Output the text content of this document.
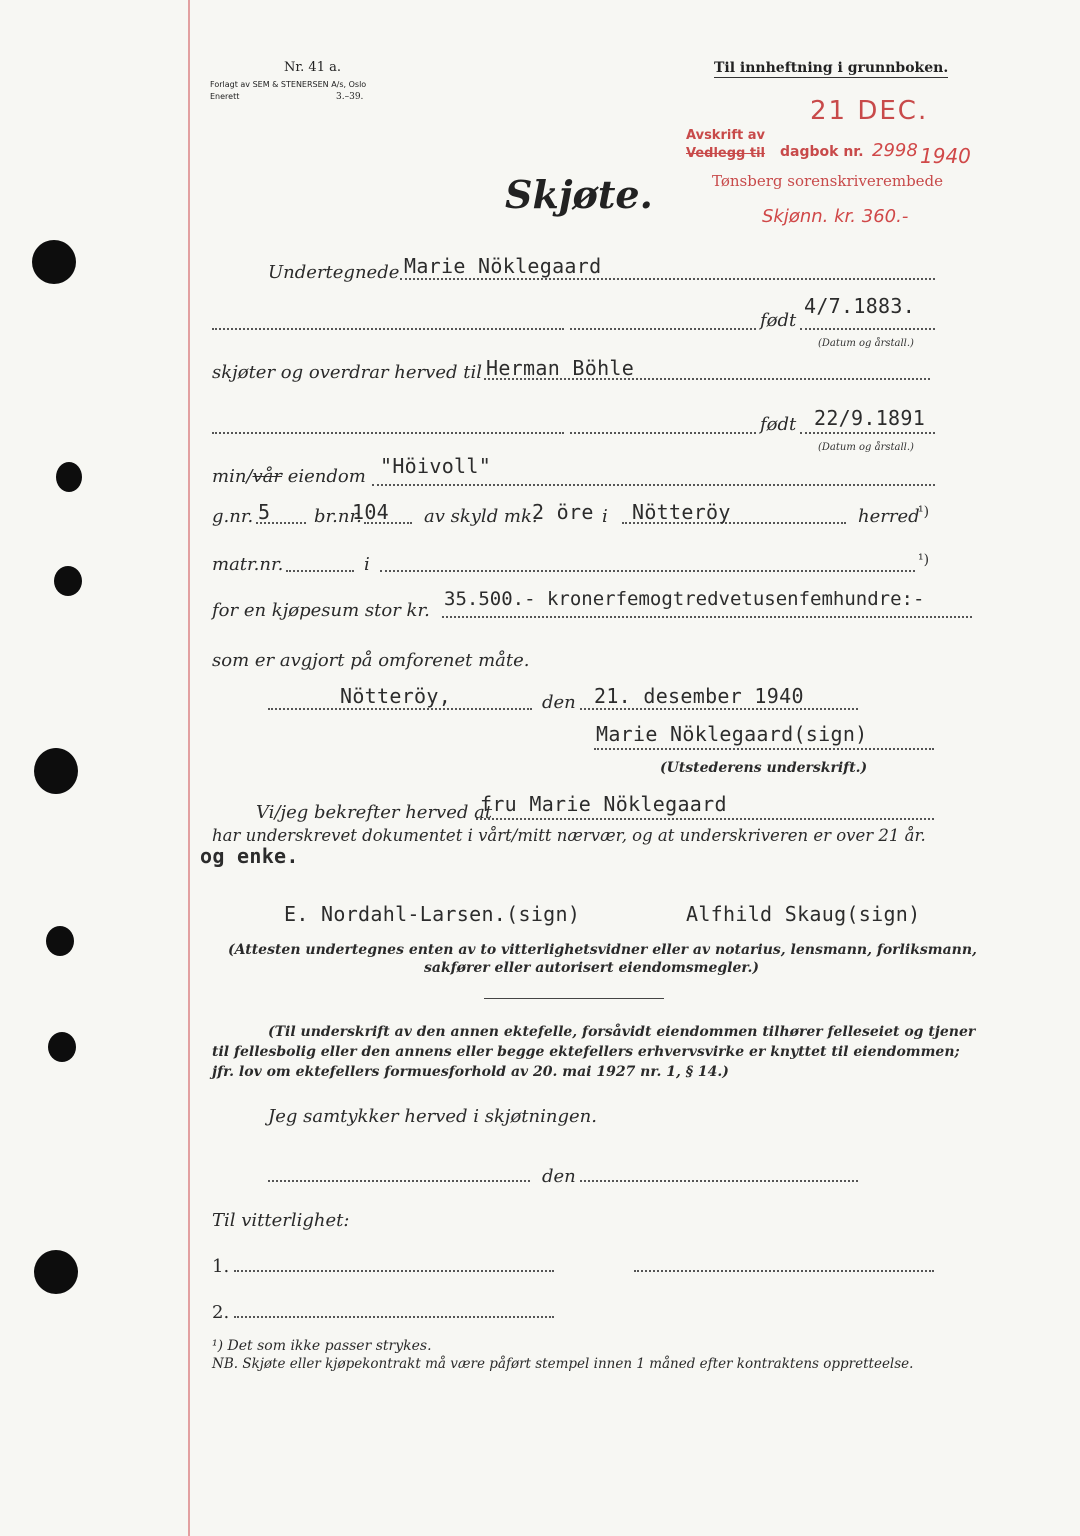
Nr. 41 a.
Forlagt av SEM & STENERSEN A/s, Oslo
Enerett	3.–39.
Til innheftning i grunnboken.
21 DEC.
Avskrift av
Vedlegg til dagbok nr. 2998 1940
Tønsberg sorenskriverembede
Skjønn. kr. 360.-
Skjøte.
Undertegnede Marie Nöklegaard
født
4/7.1883.
(Datum og årstall.)
skjøter og overdrar herved til Herman Böhle
født 22/9.1891
(Datum og årstall.)
min/vår eiendom "Höivoll"
g.nr. 5 br.nr.
104 av skyld mk.
2 öre i Nötteröy	herred
¹)
matr.nr.	i	¹)
for en kjøpesum stor kr.
35.500.- kronerfemogtredvetusenfemhundre:-
som er avgjort på omforenet måte.
Nötteröy,	den 21. desember 1940
Marie Nöklegaard(sign)
(Utstederens underskrift.)
Vi/jeg bekrefter herved at
fru Marie Nöklegaard
har underskrevet dokumentet i vårt/mitt nærvær, og at underskriveren er over 21 år.
og enke.
E. Nordahl-Larsen.(sign)	Alfhild Skaug(sign)
(Attesten undertegnes enten av to vitterlighetsvidner eller av notarius, lensmann, forliksmann,
sakfører eller autorisert eiendomsmegler.)
(Til underskrift av den annen ektefelle, forsåvidt eiendommen tilhører felleseiet og tjener
til fellesbolig eller den annens eller begge ektefellers erhvervsvirke er knyttet til eiendommen;
jfr. lov om ektefellers formuesforhold av 20. mai 1927 nr. 1, § 14.)
Jeg samtykker herved i skjøtningen.
den
Til vitterlighet:
1.
2.
¹) Det som ikke passer strykes.
NB. Skjøte eller kjøpekontrakt må være påført stempel innen 1 måned efter kontraktens oppretteelse.
